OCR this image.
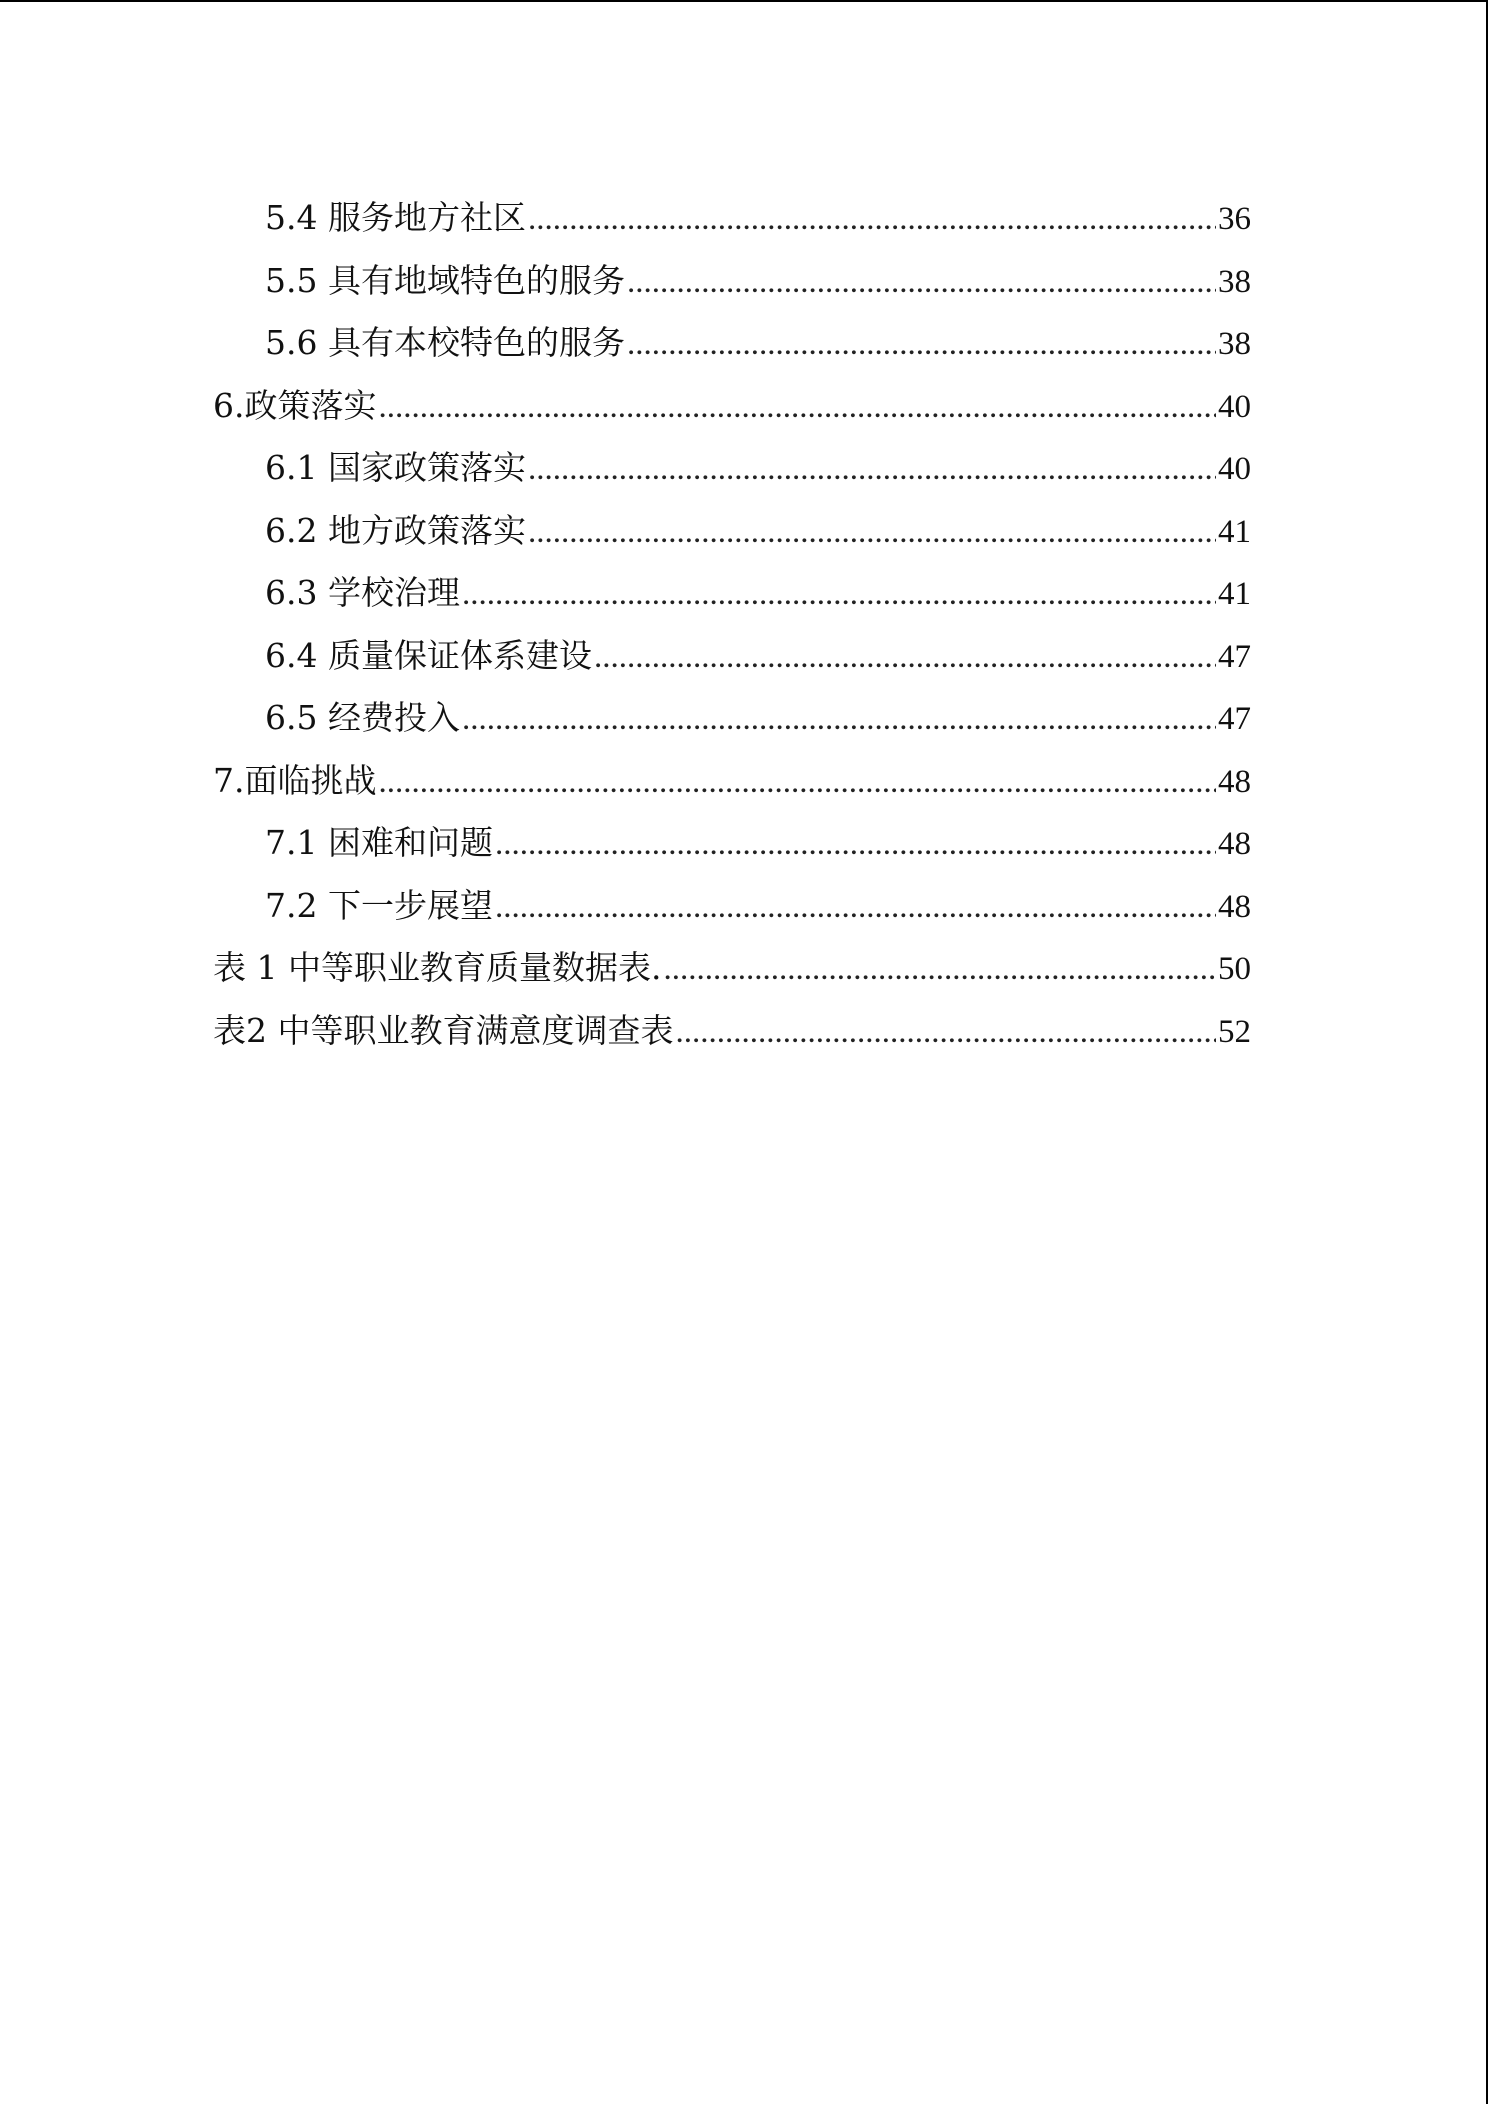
5.4 服务地方社区 .....	36
5.5 具有地域特色的服务 .....	38
5.6 具有本校特色的服务 .....	38
6.政策落实 .....	40
6.1 国家政策落实 .....	40
6.2 地方政策落实 .....	41
6.3 学校治理 .....	41
6.4 质量保证体系建设 .....	47
6.5 经费投入 .....	47
7.面临挑战 .....	48
7.1 困难和问题 .....	48
7.2 下一步展望 .....	48
表 1 中等职业教育质量数据表. .....	50
表2 中等职业教育满意度调查表 .....	52
